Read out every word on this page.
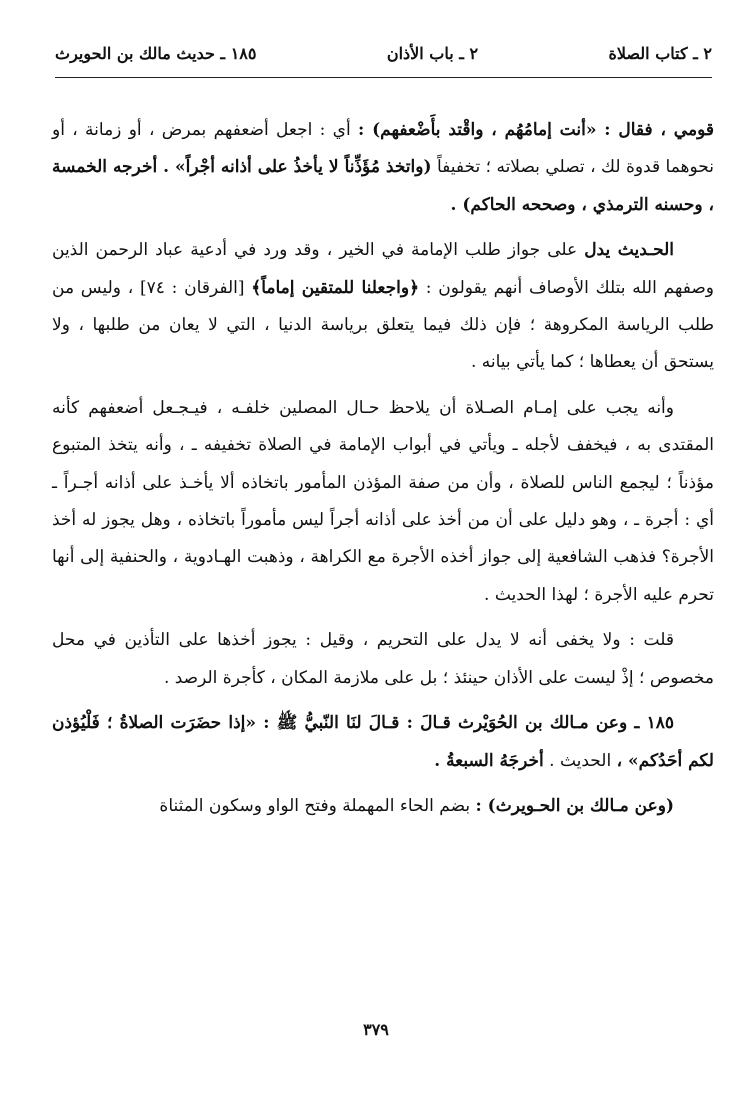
٢ ـ كتاب الصلاة
٢ ـ باب الأذان
١٨٥ ـ حديث مالك بن الحويرث

قومي ، فقال : «أنت إمامُهُم ، واقْتد بأَضْعفهم) : أي : اجعل أضعفهم بمرض ، أو زمانة ، أو نحوهما قدوة لك ، تصلي بصلاته ؛ تخفيفاً (واتخذ مُؤَذِّناً لا يأخذُ على أذانه أجْراً» . أخرجه الخمسة ، وحسنه الترمذي ، وصححه الحاكم) .

الحـديث يدل على جواز طلب الإمامة في الخير ، وقد ورد في أدعية عباد الرحمن الذين وصفهم الله بتلك الأوصاف أنهم يقولون : ﴿واجعلنا للمتقين إماماً﴾ [الفرقان : ٧٤] ، وليس من طلب الرياسة المكروهة ؛ فإن ذلك فيما يتعلق برياسة الدنيا ، التي لا يعان من طلبها ، ولا يستحق أن يعطاها ؛ كما يأتي بيانه .

وأنه يجب على إمـام الصـلاة أن يلاحظ حـال المصلين خلفـه ، فيـجـعل أضعفهم كأنه المقتدى به ، فيخفف لأجله ـ ويأتي في أبواب الإمامة في الصلاة تخفيفه ـ ، وأنه يتخذ المتبوع مؤذناً ؛ ليجمع الناس للصلاة ، وأن من صفة المؤذن المأمور باتخاذه ألا يأخـذ على أذانه أجـراً ـ أي : أجرة ـ ، وهو دليل على أن من أخذ على أذانه أجراً ليس مأموراً باتخاذه ، وهل يجوز له أخذ الأجرة؟ فذهب الشافعية إلى جواز أخذه الأجرة مع الكراهة ، وذهبت الهـادوية ، والحنفية إلى أنها تحرم عليه الأجرة ؛ لهذا الحديث .

قلت : ولا يخفى أنه لا يدل على التحريم ، وقيل : يجوز أخذها على التأذين في محل مخصوص ؛ إذْ ليست على الأذان حينئذ ؛ بل على ملازمة المكان ، كأجرة الرصد .

١٨٥ ـ وعن مـالك بن الحُوَيْرث قـالَ : قـالَ لنَا النّبيُّ ﷺ : «إذا حضَرَت الصلاةُ ؛ فَلْيُؤذن لكم أحَدُكم» ، الحديث . أخرجَهُ السبعةُ .

(وعن مـالك بن الحـويرث) : بضم الحاء المهملة وفتح الواو وسكون المثناة

٣٧٩
